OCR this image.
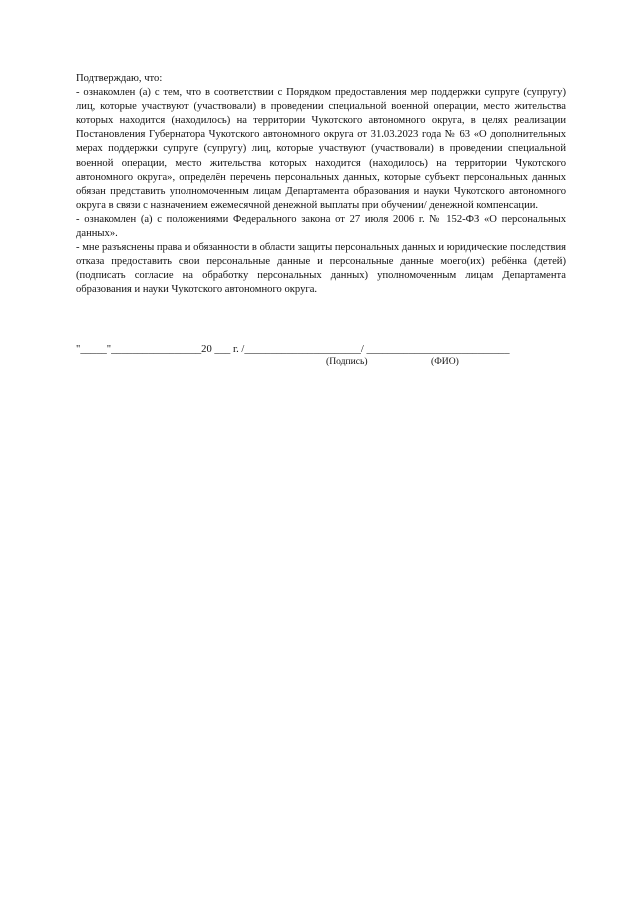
Подтверждаю, что:

- ознакомлен (а) с тем, что в соответствии с Порядком предоставления мер поддержки супруге (супругу) лиц, которые участвуют (участвовали) в проведении специальной военной операции, место жительства которых находится (находилось) на территории Чукотского автономного округа, в целях реализации Постановления Губернатора Чукотского автономного округа от 31.03.2023 года № 63 «О дополнительных мерах поддержки супруге (супругу) лиц, которые участвуют (участвовали) в проведении специальной военной операции, место жительства которых находится (находилось) на территории Чукотского автономного округа», определён перечень персональных данных, которые субъект персональных данных обязан представить уполномоченным лицам Департамента образования и науки Чукотского автономного округа в связи с назначением ежемесячной денежной выплаты при обучении/ денежной компенсации.

- ознакомлен (а) с положениями Федерального закона от 27 июля 2006 г. № 152-ФЗ «О персональных данных».

- мне разъяснены права и обязанности в области защиты персональных данных и юридические последствия отказа предоставить свои персональные данные и персональные данные моего(их) ребёнка (детей) (подписать согласие на обработку персональных данных) уполномоченным лицам Департамента образования и науки Чукотского автономного округа.

"_____"_________________20 ___ г. /______________________/ ___________________________
(Подпись)	(ФИО)
